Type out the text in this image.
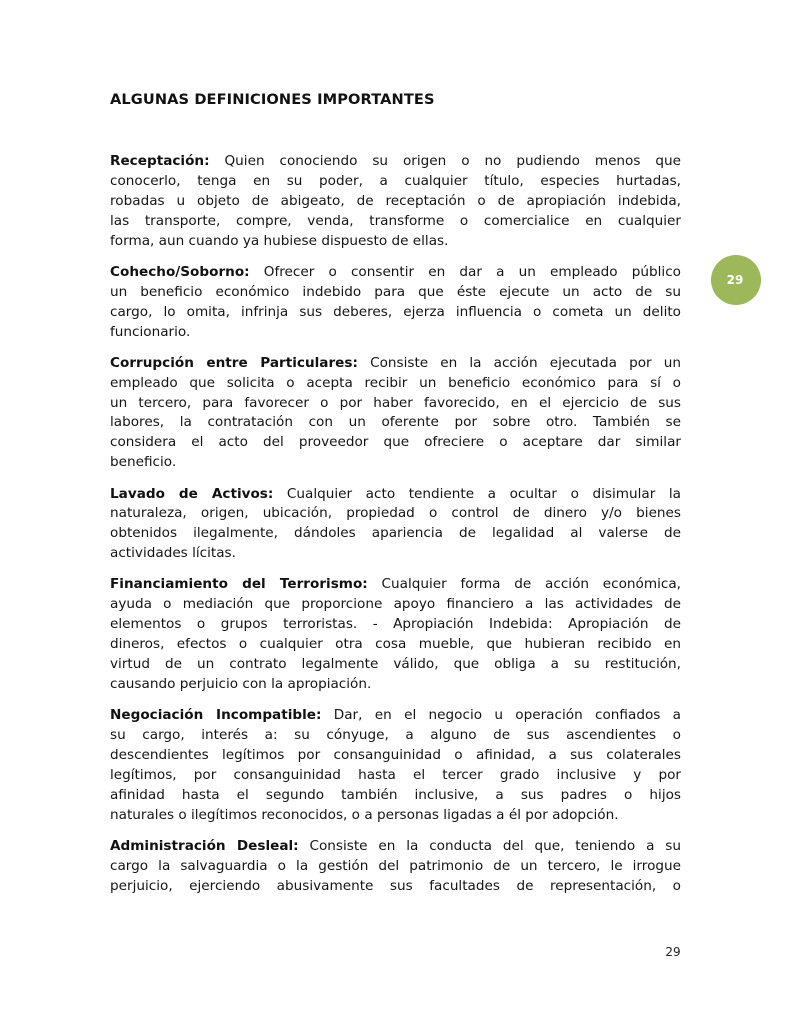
ALGUNAS DEFINICIONES IMPORTANTES
Receptación: Quien conociendo su origen o no pudiendo menos que
conocerlo, tenga en su poder, a cualquier título, especies hurtadas,
robadas u objeto de abigeato, de receptación o de apropiación indebida,
las transporte, compre, venda, transforme o comercialice en cualquier
forma, aun cuando ya hubiese dispuesto de ellas.
Cohecho/Soborno: Ofrecer o consentir en dar a un empleado público
un beneficio económico indebido para que éste ejecute un acto de su
cargo, lo omita, infrinja sus deberes, ejerza influencia o cometa un delito
funcionario.
Corrupción entre Particulares: Consiste en la acción ejecutada por un
empleado que solicita o acepta recibir un beneficio económico para sí o
un tercero, para favorecer o por haber favorecido, en el ejercicio de sus
labores, la contratación con un oferente por sobre otro. También se
considera el acto del proveedor que ofreciere o aceptare dar similar
beneficio.
Lavado de Activos: Cualquier acto tendiente a ocultar o disimular la
naturaleza, origen, ubicación, propiedad o control de dinero y/o bienes
obtenidos ilegalmente, dándoles apariencia de legalidad al valerse de
actividades lícitas.
Financiamiento del Terrorismo: Cualquier forma de acción económica,
ayuda o mediación que proporcione apoyo financiero a las actividades de
elementos o grupos terroristas. - Apropiación Indebida: Apropiación de
dineros, efectos o cualquier otra cosa mueble, que hubieran recibido en
virtud de un contrato legalmente válido, que obliga a su restitución,
causando perjuicio con la apropiación.
Negociación Incompatible: Dar, en el negocio u operación confiados a
su cargo, interés a: su cónyuge, a alguno de sus ascendientes o
descendientes legítimos por consanguinidad o afinidad, a sus colaterales
legítimos, por consanguinidad hasta el tercer grado inclusive y por
afinidad hasta el segundo también inclusive, a sus padres o hijos
naturales o ilegítimos reconocidos, o a personas ligadas a él por adopción.
Administración Desleal: Consiste en la conducta del que, teniendo a su
cargo la salvaguardia o la gestión del patrimonio de un tercero, le irrogue
perjuicio, ejerciendo abusivamente sus facultades de representación, o
29
29
